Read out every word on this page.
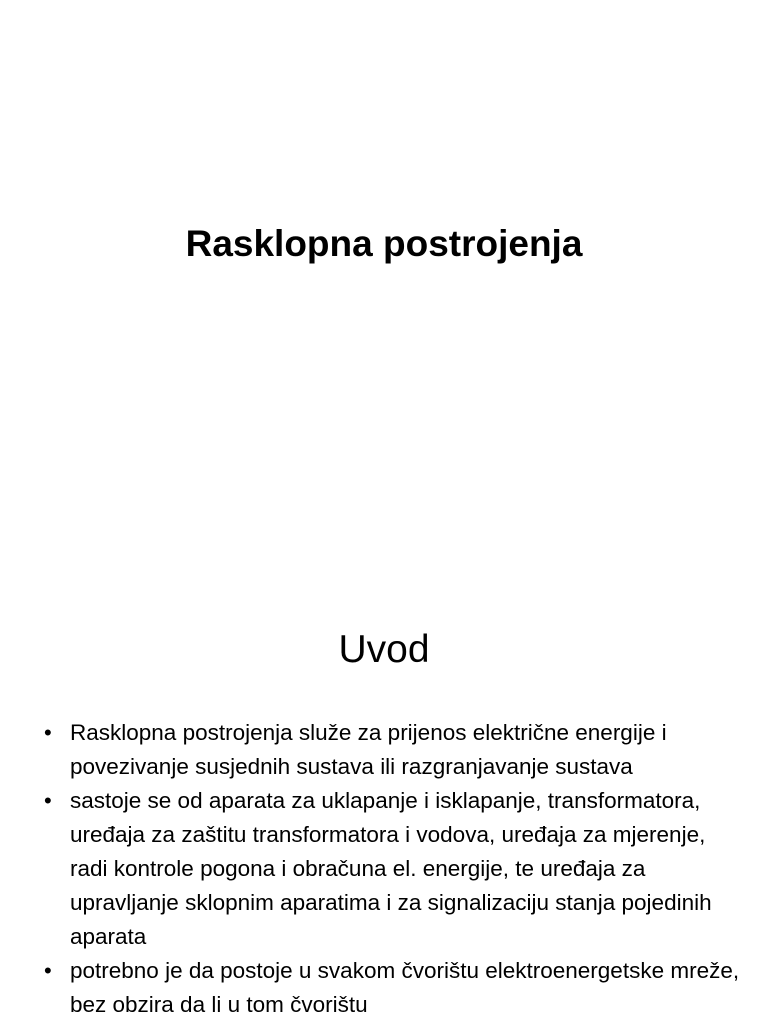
Rasklopna postrojenja
Uvod
• Rasklopna postrojenja služe za prijenos električne energije i povezivanje susjednih sustava ili razgranjavanje sustava
• sastoje se od aparata za uklapanje i isklapanje, transformatora, uređaja za zaštitu transformatora i vodova, uređaja za mjerenje, radi kontrole pogona i obračuna el. energije, te uređaja za upravljanje sklopnim aparatima i za signalizaciju stanja pojedinih aparata
• potrebno je da postoje u svakom čvorištu elektroenergetske mreže, bez obzira da li u tom čvorištu
